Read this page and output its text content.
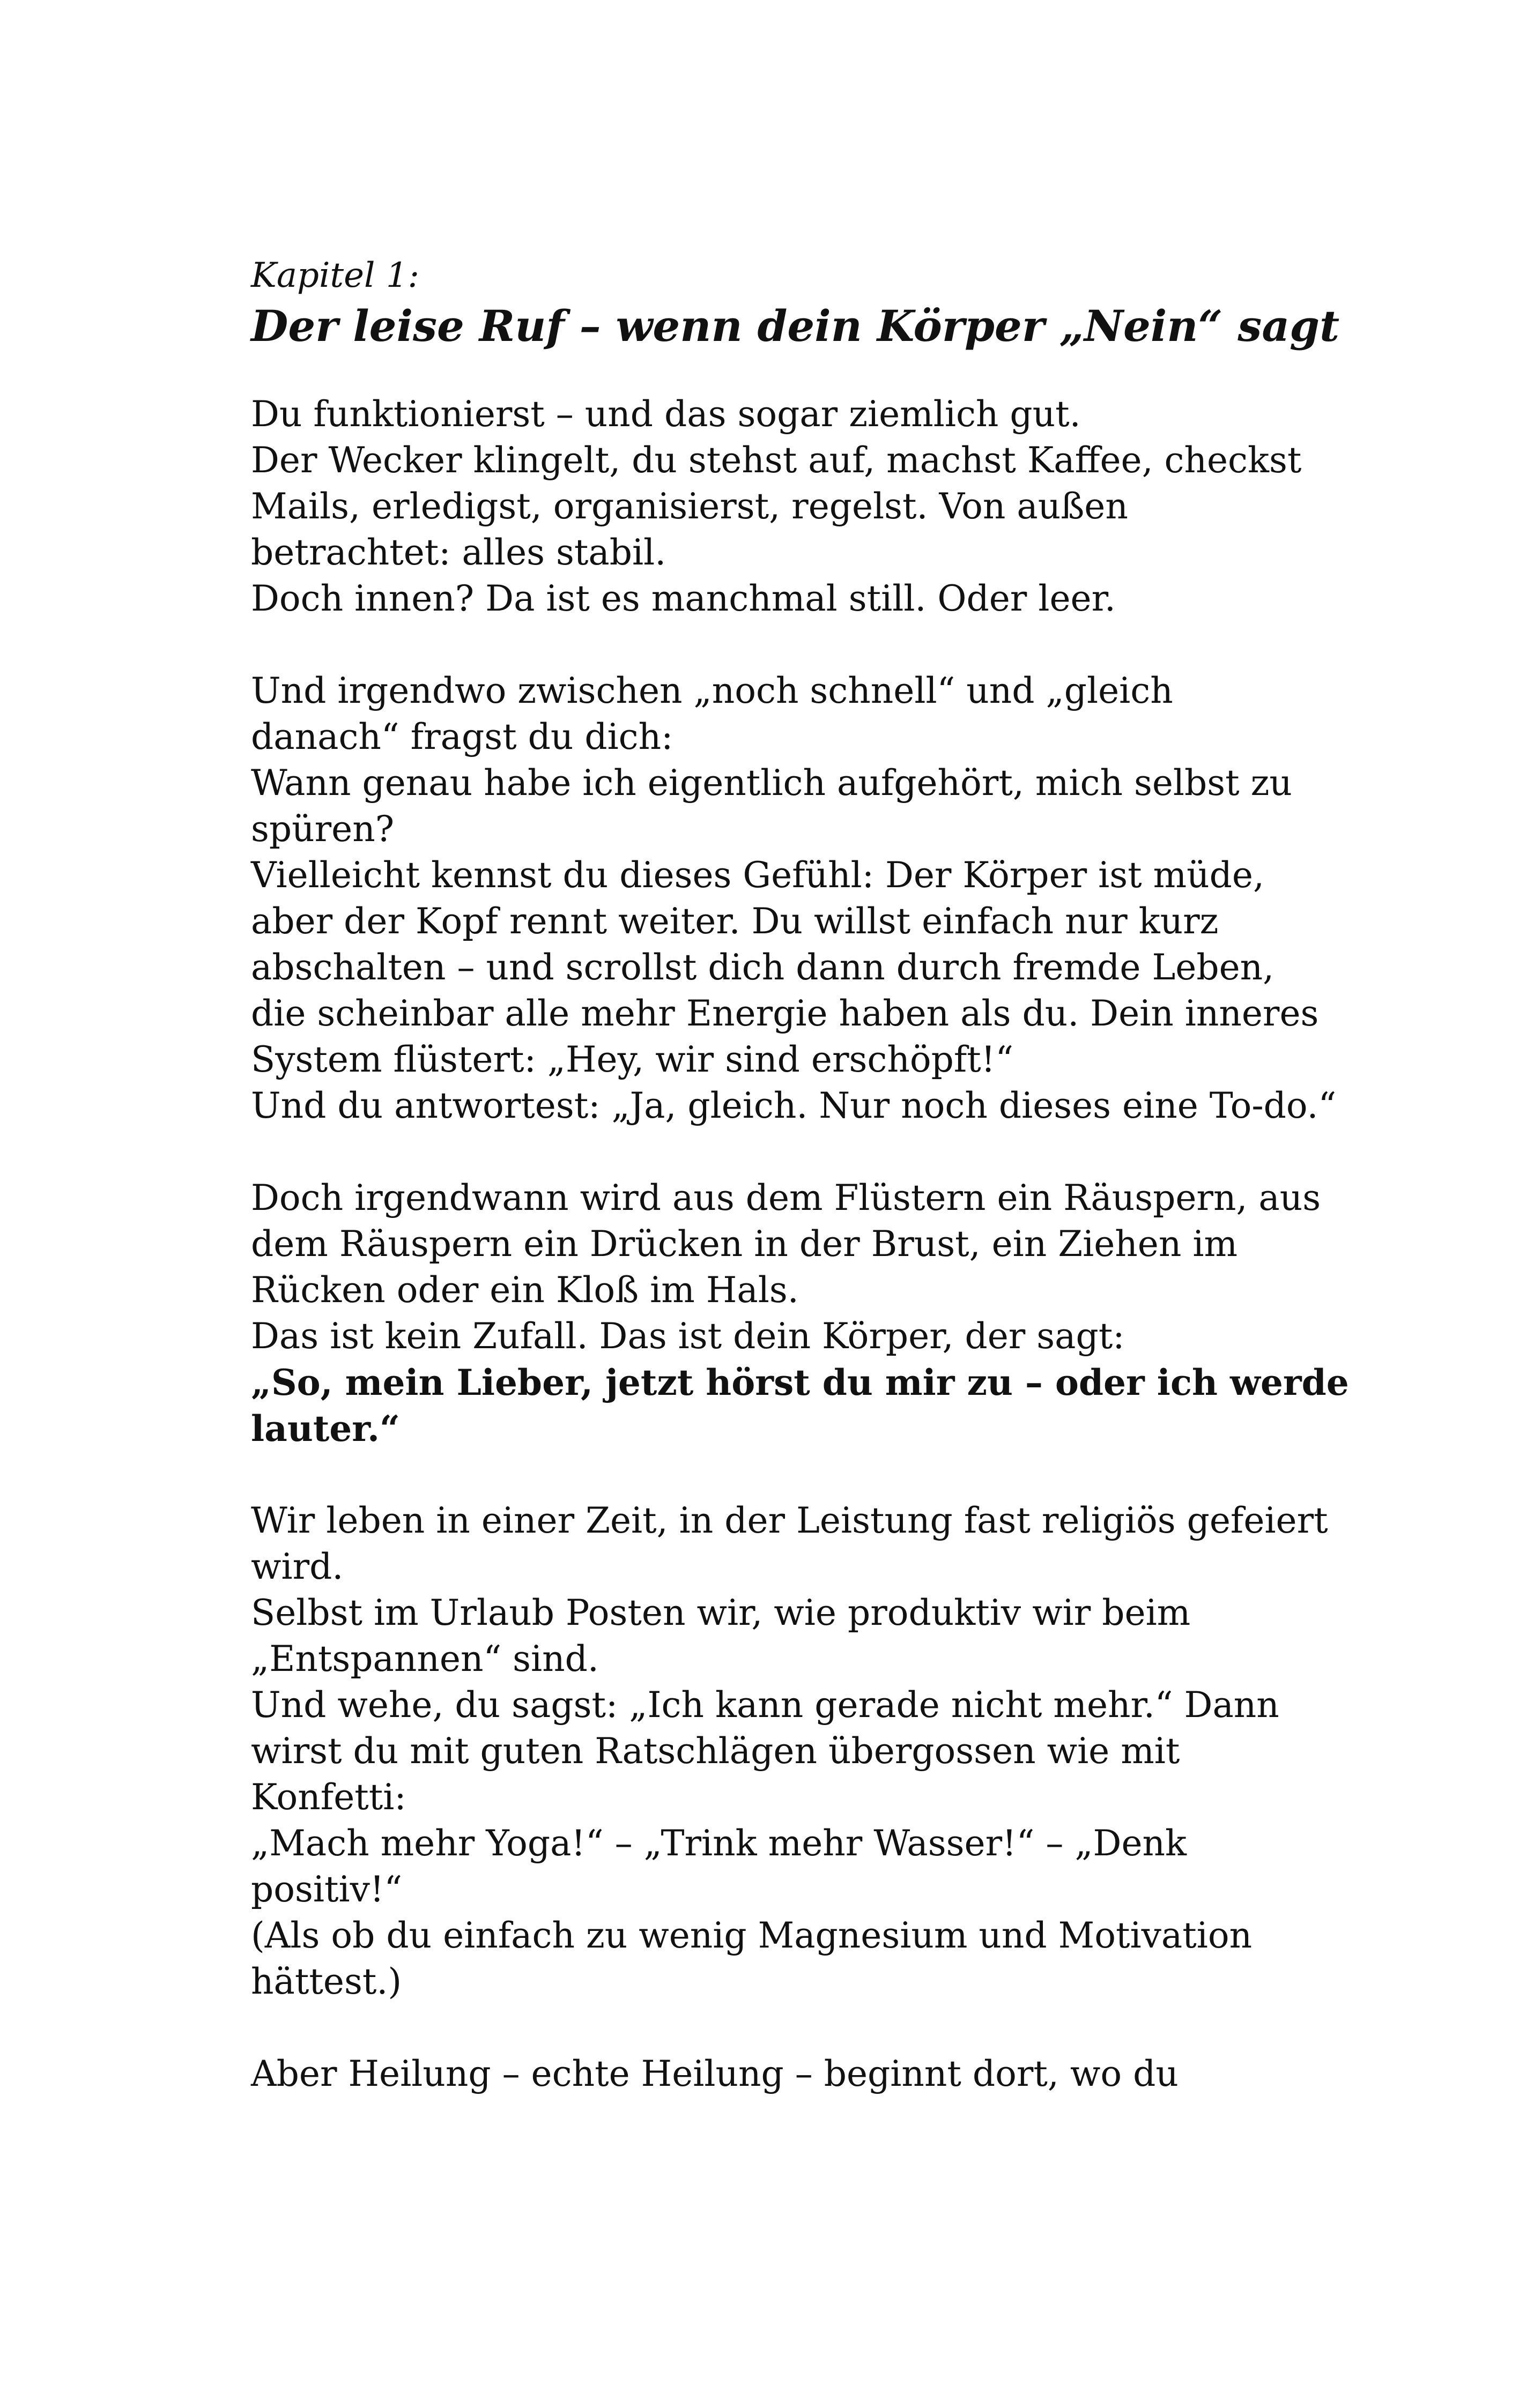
Kapitel 1:

Der leise Ruf – wenn dein Körper „Nein“ sagt
Du funktionierst – und das sogar ziemlich gut.
Der Wecker klingelt, du stehst auf, machst Kaffee, checkst
Mails, erledigst, organisierst, regelst. Von außen
betrachtet: alles stabil.
Doch innen? Da ist es manchmal still. Oder leer.
Und irgendwo zwischen „noch schnell“ und „gleich
danach“ fragst du dich:
Wann genau habe ich eigentlich aufgehört, mich selbst zu
spüren?
Vielleicht kennst du dieses Gefühl: Der Körper ist müde,
aber der Kopf rennt weiter. Du willst einfach nur kurz
abschalten – und scrollst dich dann durch fremde Leben,
die scheinbar alle mehr Energie haben als du. Dein inneres
System flüstert: „Hey, wir sind erschöpft!“
Und du antwortest: „Ja, gleich. Nur noch dieses eine To-do.“
Doch irgendwann wird aus dem Flüstern ein Räuspern, aus
dem Räuspern ein Drücken in der Brust, ein Ziehen im
Rücken oder ein Kloß im Hals.
Das ist kein Zufall. Das ist dein Körper, der sagt:
„So, mein Lieber, jetzt hörst du mir zu – oder ich werde
lauter.“
Wir leben in einer Zeit, in der Leistung fast religiös gefeiert
wird.
Selbst im Urlaub Posten wir, wie produktiv wir beim
„Entspannen“ sind.
Und wehe, du sagst: „Ich kann gerade nicht mehr.“ Dann
wirst du mit guten Ratschlägen übergossen wie mit
Konfetti:
„Mach mehr Yoga!“ – „Trink mehr Wasser!“ – „Denk
positiv!“
(Als ob du einfach zu wenig Magnesium und Motivation
hättest.)
Aber Heilung – echte Heilung – beginnt dort, wo du
